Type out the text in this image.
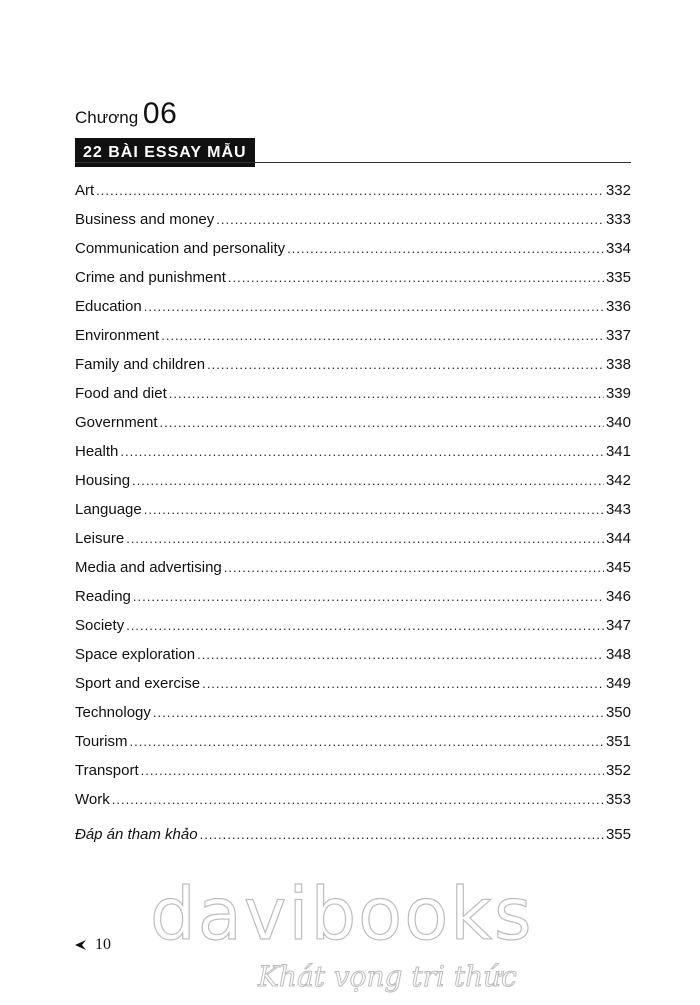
Chương 06
22 BÀI ESSAY MẪU
Art .....	332
Business and money .....	333
Communication and personality .....	334
Crime and punishment .....	335
Education .....	336
Environment .....	337
Family and children .....	338
Food and diet .....	339
Government .....	340
Health .....	341
Housing .....	342
Language .....	343
Leisure .....	344
Media and advertising .....	345
Reading .....	346
Society .....	347
Space exploration .....	348
Sport and exercise .....	349
Technology .....	350
Tourism .....	351
Transport .....	352
Work .....	353
Đáp án tham khảo .....	355
davibooks
Khát vọng tri thức
10
